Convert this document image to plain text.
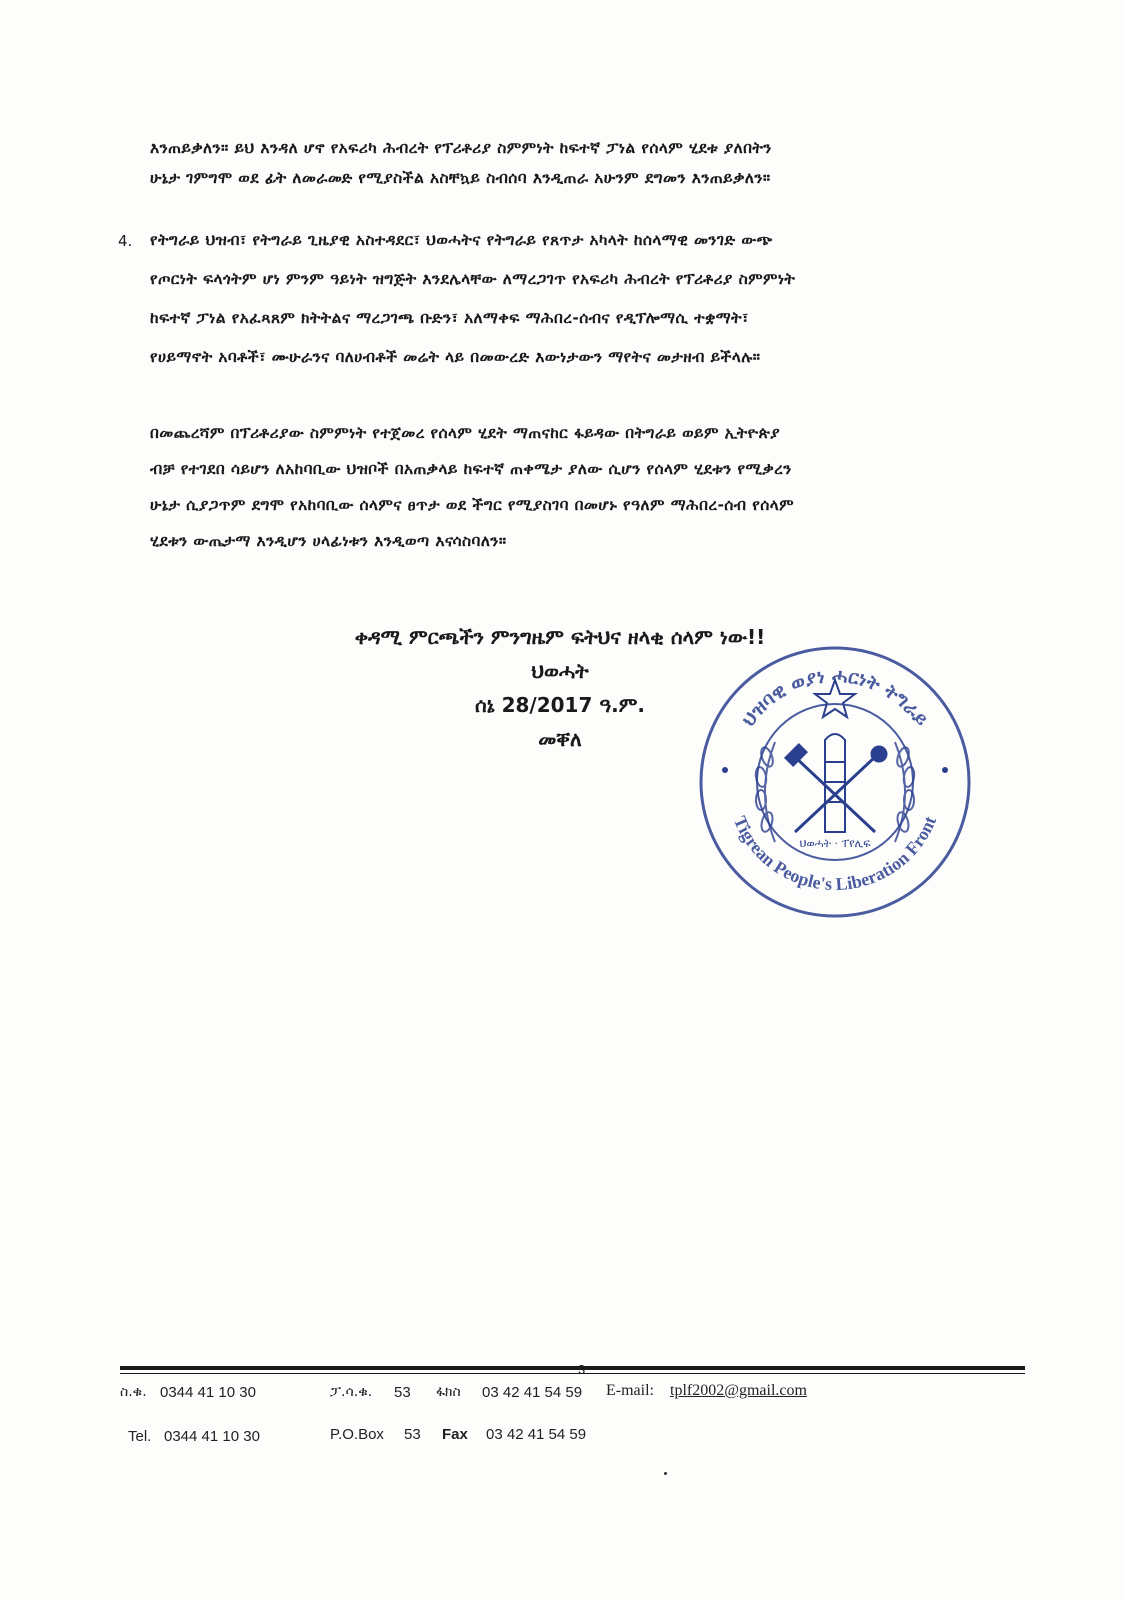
እንጠይቃለን። ይህ እንዳለ ሆኖ የአፍሪካ ሕብረት የፕሪቶሪያ ስምምነት ከፍተኛ ፓነል የሰላም ሂደቱ ያለበትን
ሁኔታ ገምግሞ ወደ ፊት ለመራመድ የሚያስችል አስቸኳይ ስብሰባ እንዲጠራ አሁንም ደግመን እንጠይቃለን።
4. የትግራይ ህዝብ፣ የትግራይ ጊዜያዊ አስተዳደር፣ ህወሓትና የትግራይ የጸጥታ አካላት ከሰላማዊ መንገድ ውጭ
የጦርነት ፍላጎትም ሆነ ምንም ዓይነት ዝግጅት እንደሌላቸው ለማረጋገጥ የአፍሪካ ሕብረት የፕሪቶሪያ ስምምነት
ከፍተኛ ፓነል የአፈጻጸም ክትትልና ማረጋገጫ ቡድን፣ አለማቀፍ ማሕበረ-ሰብና የዲፕሎማሲ ተቋማት፣
የሀይማኖት አባቶች፣ ሙሁራንና ባለሀብቶች መሬት ላይ በመውረድ እውነታውን ማየትና መታዘብ ይችላሉ።
በመጨረሻም በፕሪቶሪያው ስምምነት የተጀመረ የሰላም ሂደት ማጠናከር ፋይዳው በትግራይ ወይም ኢትዮጵያ
ብቻ የተገደበ ሳይሆን ለአከባቢው ህዝቦች በአጠቃላይ ከፍተኛ ጠቀሜታ ያለው ሲሆን የሰላም ሂደቱን የሚቃረን
ሁኔታ ሲያጋጥም ደግሞ የአከባቢው ሰላምና ፀጥታ ወደ ችግር የሚያስገባ በመሆኑ የዓለም ማሕበረ-ሰብ የሰላም
ሂደቱን ውጤታማ እንዲሆን ሀላፊነቱን እንዲወጣ እናሳስባለን።
ቀዳሚ ምርጫችን ምንግዜም ፍትህና ዘላቂ ሰላም ነው!!
ህወሓት
ሰኔ 28/2017 ዓ.ም.
መቐለ
ህዝባዊ ወያነ ሓርነት ትግራይ
Tigrean People's Liberation Front
ህወሓት · ፐየሊፍ
3
ስ.ቁ. 0344 41 10 30	ፓ.ሳ.ቁ. 53 ፋክስ 03 42 41 54 59 E-mail: tplf2002@gmail.com
Tel. 0344 41 10 30	P.O.Box 53 Fax 03 42 41 54 59
